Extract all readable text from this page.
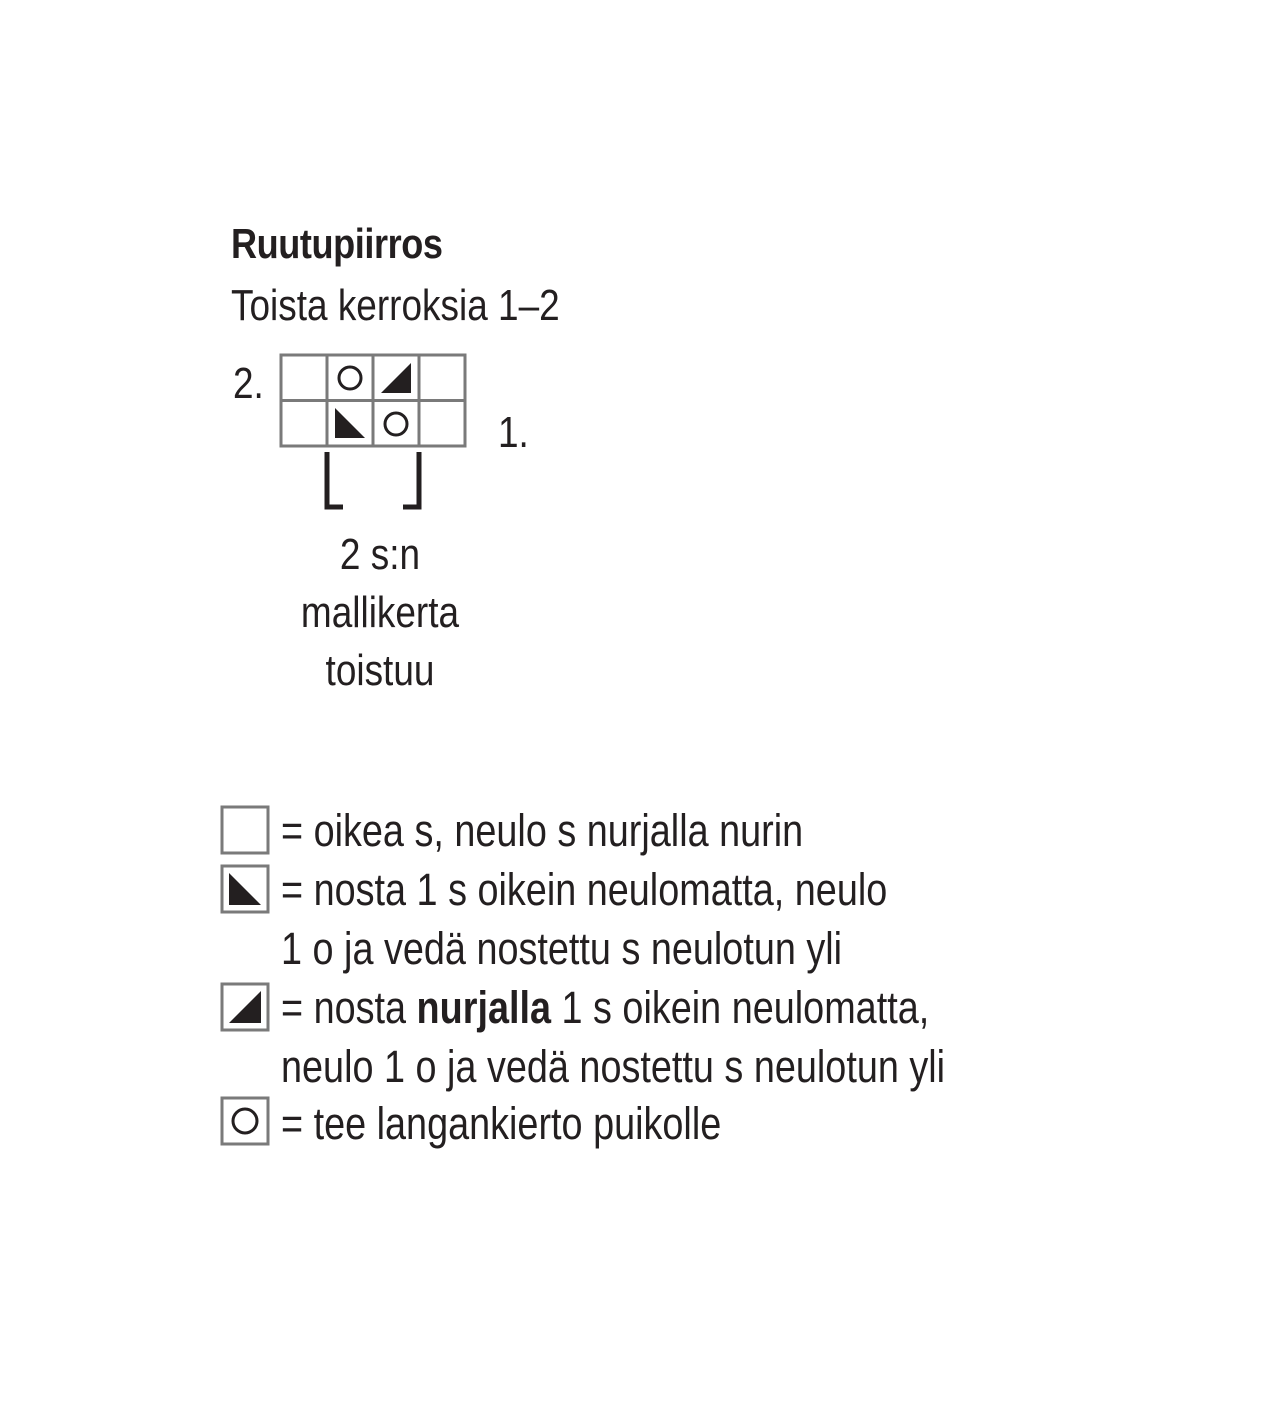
Ruutupiirros
Toista kerroksia 1–2
2.
1.
2 s:n
mallikerta
toistuu
= oikea s, neulo s nurjalla nurin
= nosta 1 s oikein neulomatta, neulo
1 o ja vedä nostettu s neulotun yli
= nosta nurjalla 1 s oikein neulomatta,
neulo 1 o ja vedä nostettu s neulotun yli
= tee langankierto puikolle
